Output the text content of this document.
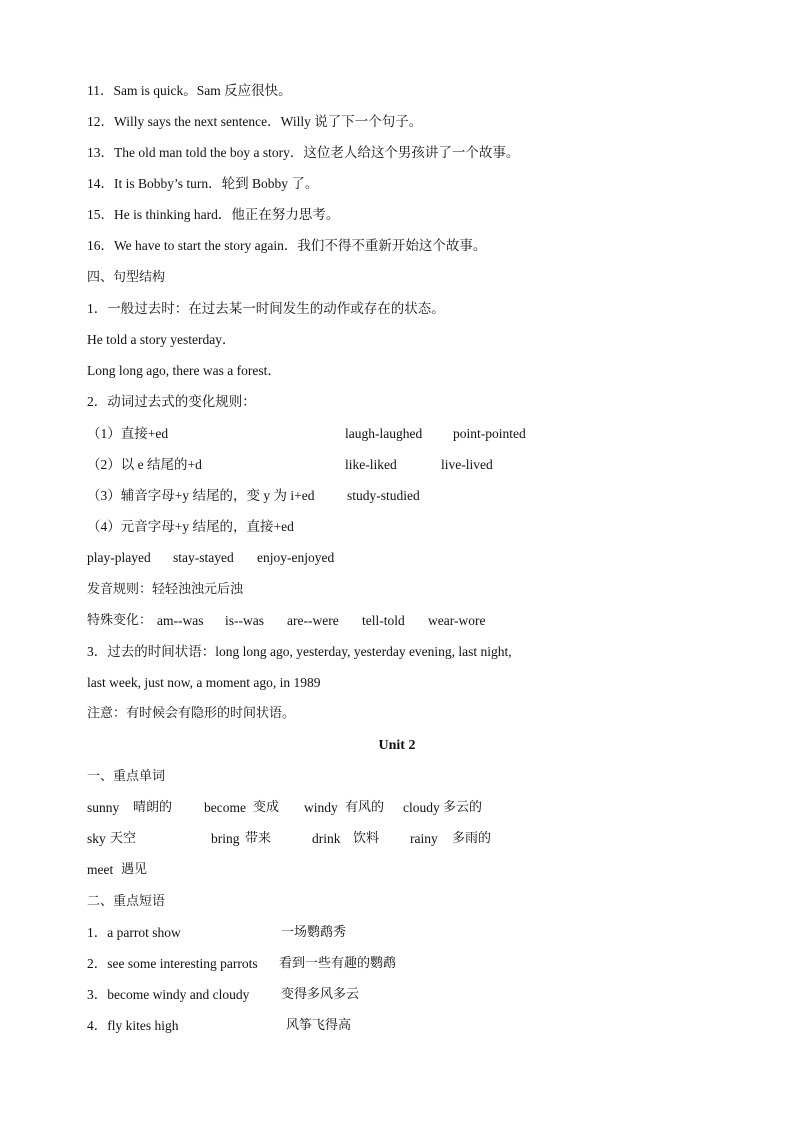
11．Sam is quick。Sam 反应很快。
12．Willy says the next sentence．Willy 说了下一个句子。
13．The old man told the boy a story．这位老人给这个男孩讲了一个故事。
14．It is Bobby’s turn．轮到 Bobby 了。
15．He is thinking hard．他正在努力思考。
16．We have to start the story again．我们不得不重新开始这个故事。
四、句型结构
1．一般过去时：在过去某一时间发生的动作或存在的状态。
He told a story yesterday．
Long long ago, there was a forest．
2．动词过去式的变化规则：
（1）直接+ed	laugh-laughed point-pointed
（2）以 e 结尾的+d	like-liked	live-lived
（3）辅音字母+y 结尾的，变 y 为 i+ed study-studied
（4）元音字母+y 结尾的，直接+ed
play-played stay-stayed enjoy-enjoyed
发音规则：轻轻浊浊元后浊
特殊变化： am--was is--was are--were tell-told wear-wore
3．过去的时间状语：long long ago, yesterday, yesterday evening, last night,
last week, just now, a moment ago, in 1989
注意：有时候会有隐形的时间状语。
Unit 2
一、重点单词
sunny 晴朗的 become 变成 windy 有风的 cloudy 多云的
sky 天空	bring 带来	drink 饮料 rainy 多雨的
meet 遇见
二、重点短语
1．a parrot show	一场鹦鹉秀
2．see some interesting parrots 看到一些有趣的鹦鹉
3．become windy and cloudy 变得多风多云
4．fly kites high	风筝飞得高
